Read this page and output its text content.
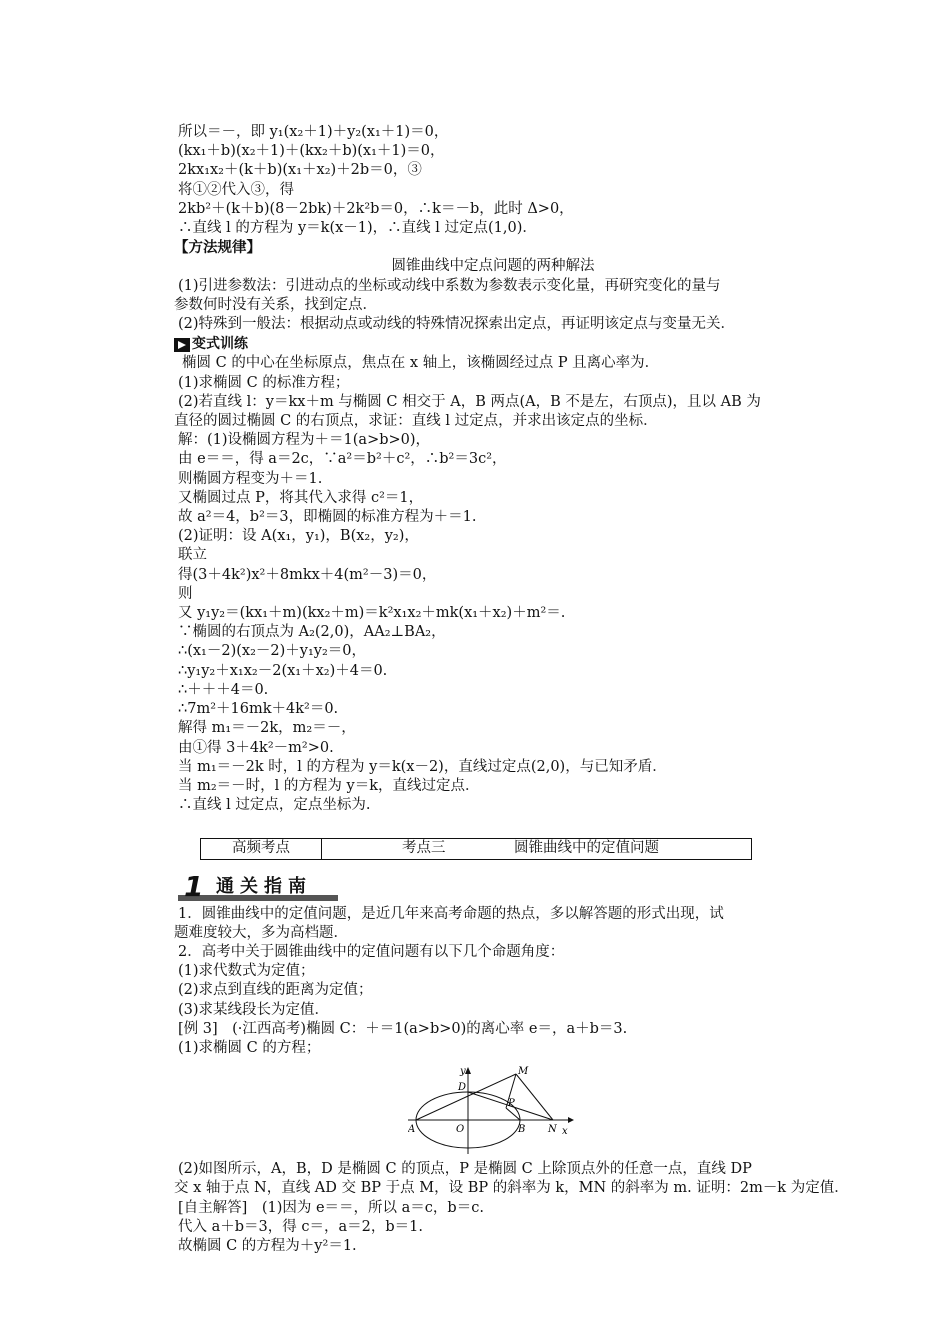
所以＝－，即 y₁(x₂＋1)＋y₂(x₁＋1)＝0，
(kx₁＋b)(x₂＋1)＋(kx₂＋b)(x₁＋1)＝0，
2kx₁x₂＋(k＋b)(x₁＋x₂)＋2b＝0，③
将①②代入③，得
2kb²＋(k＋b)(8－2bk)＋2k²b＝0，∴k＝－b，此时 Δ>0，
∴直线 l 的方程为 y＝k(x－1)，∴直线 l 过定点(1,0)．
【方法规律】
圆锥曲线中定点问题的两种解法
(1)引进参数法：引进动点的坐标或动线中系数为参数表示变化量，再研究变化的量与
参数何时没有关系，找到定点．
(2)特殊到一般法：根据动点或动线的特殊情况探索出定点，再证明该定点与变量无关．
变式训练
椭圆 C 的中心在坐标原点，焦点在 x 轴上，该椭圆经过点 P 且离心率为．
(1)求椭圆 C 的标准方程；
(2)若直线 l：y＝kx＋m 与椭圆 C 相交于 A，B 两点(A，B 不是左，右顶点)，且以 AB 为
直径的圆过椭圆 C 的右顶点，求证：直线 l 过定点，并求出该定点的坐标．
解：(1)设椭圆方程为＋＝1(a>b>0)，
由 e＝＝，得 a＝2c，∵a²＝b²＋c²，∴b²＝3c²，
则椭圆方程变为＋＝1.
又椭圆过点 P，将其代入求得 c²＝1，
故 a²＝4，b²＝3，即椭圆的标准方程为＋＝1.
(2)证明：设 A(x₁，y₁)，B(x₂，y₂)，
联立
得(3＋4k²)x²＋8mkx＋4(m²－3)＝0，
则
又 y₁y₂＝(kx₁＋m)(kx₂＋m)＝k²x₁x₂＋mk(x₁＋x₂)＋m²＝.
∵椭圆的右顶点为 A₂(2,0)，AA₂⊥BA₂，
∴(x₁－2)(x₂－2)＋y₁y₂＝0，
∴y₁y₂＋x₁x₂－2(x₁＋x₂)＋4＝0.
∴＋＋＋4＝0.
∴7m²＋16mk＋4k²＝0.
解得 m₁＝－2k，m₂＝－，
由①得 3＋4k²－m²>0.
当 m₁＝－2k 时，l 的方程为 y＝k(x－2)，直线过定点(2,0)，与已知矛盾．
当 m₂＝－时，l 的方程为 y＝k，直线过定点．
∴直线 l 过定点，定点坐标为.
高频考点	考点三	圆锥曲线中的定值问题
1 通关指南
1．圆锥曲线中的定值问题，是近几年来高考命题的热点，多以解答题的形式出现，试
题难度较大，多为高档题．
2．高考中关于圆锥曲线中的定值问题有以下几个命题角度：
(1)求代数式为定值；
(2)求点到直线的距离为定值；
(3)求某线段长为定值．
[例 3]　(·江西高考)椭圆 C：＋＝1(a>b>0)的离心率 e＝，a＋b＝3.
(1)求椭圆 C 的方程；
y
x
A	O	B N
D
M
P
(2)如图所示，A，B，D 是椭圆 C 的顶点，P 是椭圆 C 上除顶点外的任意一点，直线 DP
交 x 轴于点 N，直线 AD 交 BP 于点 M，设 BP 的斜率为 k，MN 的斜率为 m. 证明：2m－k 为定值．
[自主解答]　(1)因为 e＝＝，所以 a＝c，b＝c.
代入 a＋b＝3，得 c＝，a＝2，b＝1.
故椭圆 C 的方程为＋y²＝1.
